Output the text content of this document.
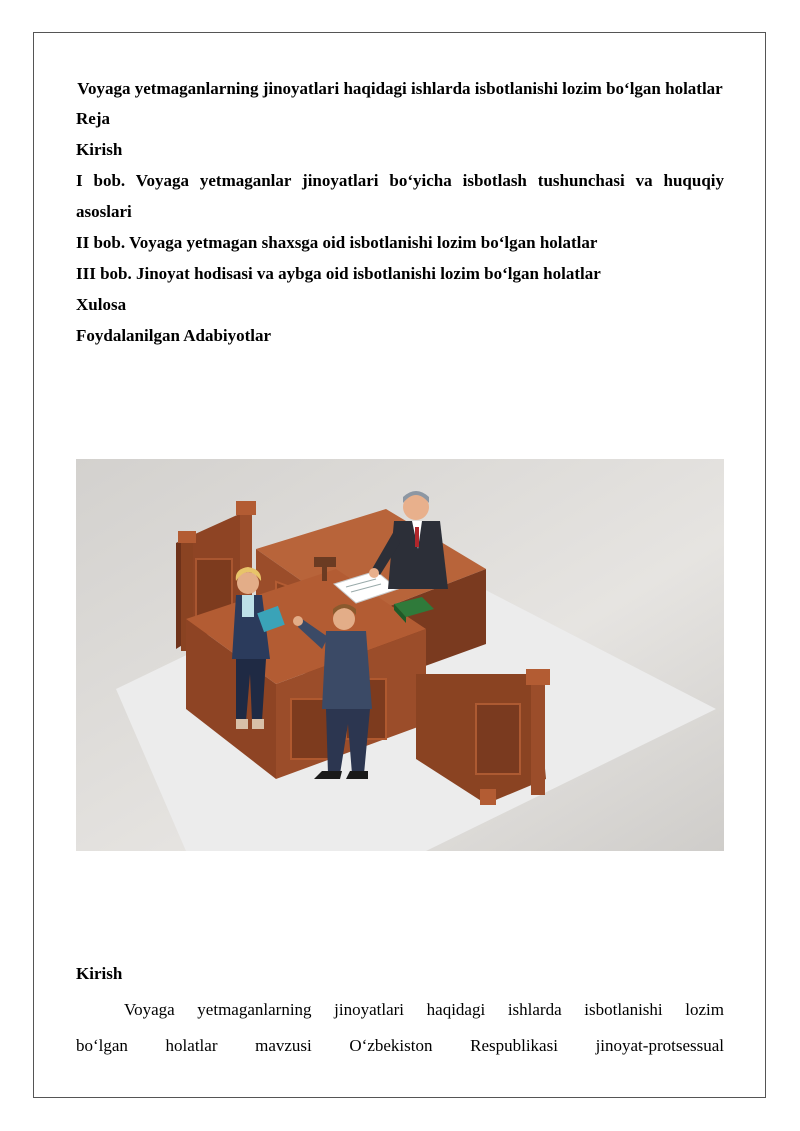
Voyaga yetmaganlarning jinoyatlari haqidagi ishlarda isbotlanishi lozim bo‘lgan holatlar

Reja
Kirish
I bob. Voyaga yetmaganlar jinoyatlari bo‘yicha isbotlash tushunchasi va huquqiy asoslari
II bob. Voyaga yetmagan shaxsga oid isbotlanishi lozim bo‘lgan holatlar
III bob. Jinoyat hodisasi va aybga oid isbotlanishi lozim bo‘lgan holatlar
Xulosa
Foydalanilgan Adabiyotlar

Kirish

Voyaga yetmaganlarning jinoyatlari haqidagi ishlarda isbotlanishi lozim
bo‘lgan holatlar mavzusi O‘zbekiston Respublikasi jinoyat-protsessual
